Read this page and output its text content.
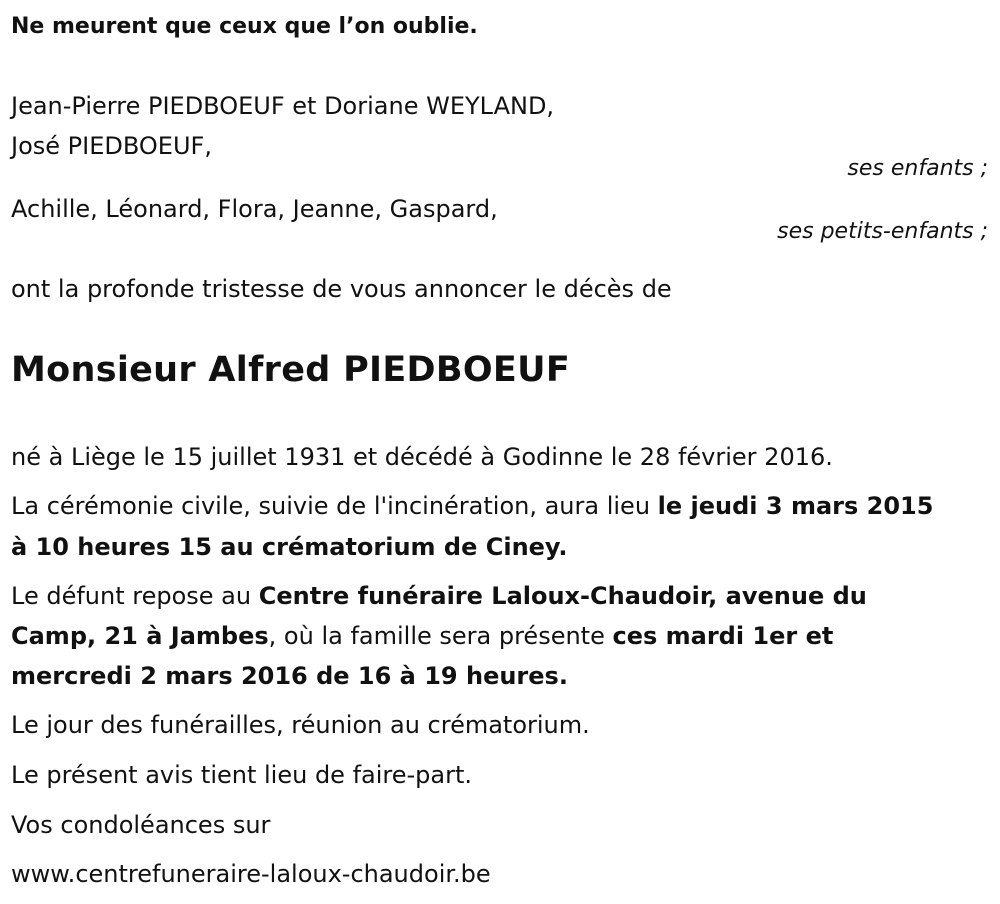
Ne meurent que ceux que l’on oublie.
Jean-Pierre PIEDBOEUF et Doriane WEYLAND,
José PIEDBOEUF,
ses enfants ;
Achille, Léonard, Flora, Jeanne, Gaspard,
ses petits-enfants ;
ont la profonde tristesse de vous annoncer le décès de
Monsieur Alfred PIEDBOEUF
né à Liège le 15 juillet 1931 et décédé à Godinne le 28 février 2016.
La cérémonie civile, suivie de l'incinération, aura lieu le jeudi 3 mars 2015
à 10 heures 15 au crématorium de Ciney.
Le défunt repose au Centre funéraire Laloux-Chaudoir, avenue du
Camp, 21 à Jambes, où la famille sera présente ces mardi 1er et
mercredi 2 mars 2016 de 16 à 19 heures.
Le jour des funérailles, réunion au crématorium.
Le présent avis tient lieu de faire-part.
Vos condoléances sur
www.centrefuneraire-laloux-chaudoir.be
